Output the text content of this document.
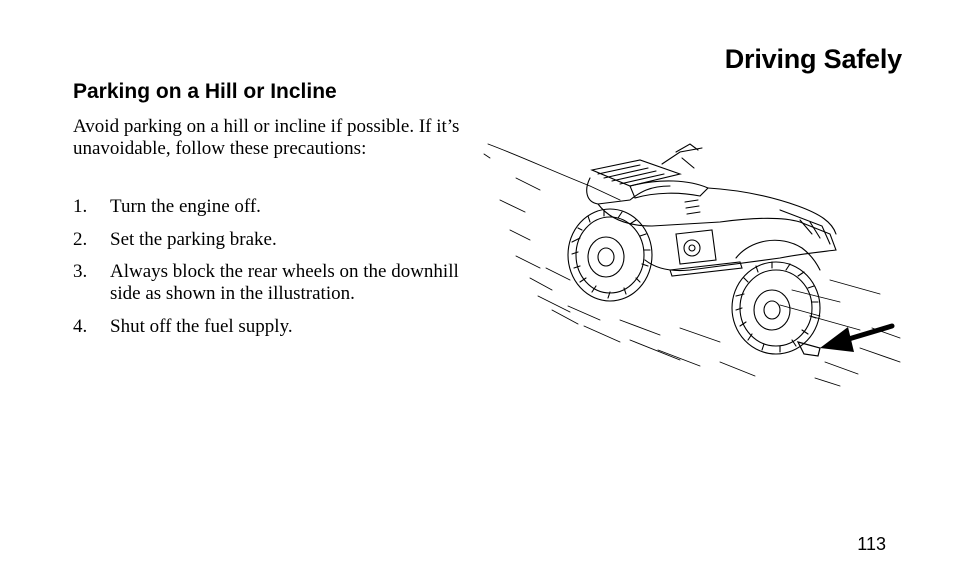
Driving Safely
Parking on a Hill or Incline

Avoid parking on a hill or incline if possible. If it’s unavoidable, follow these precautions:

1.	Turn the engine off.
2.	Set the parking brake.
3.	Always block the rear wheels on the downhill side as shown in the illustration.
4.	Shut off the fuel supply.

113
